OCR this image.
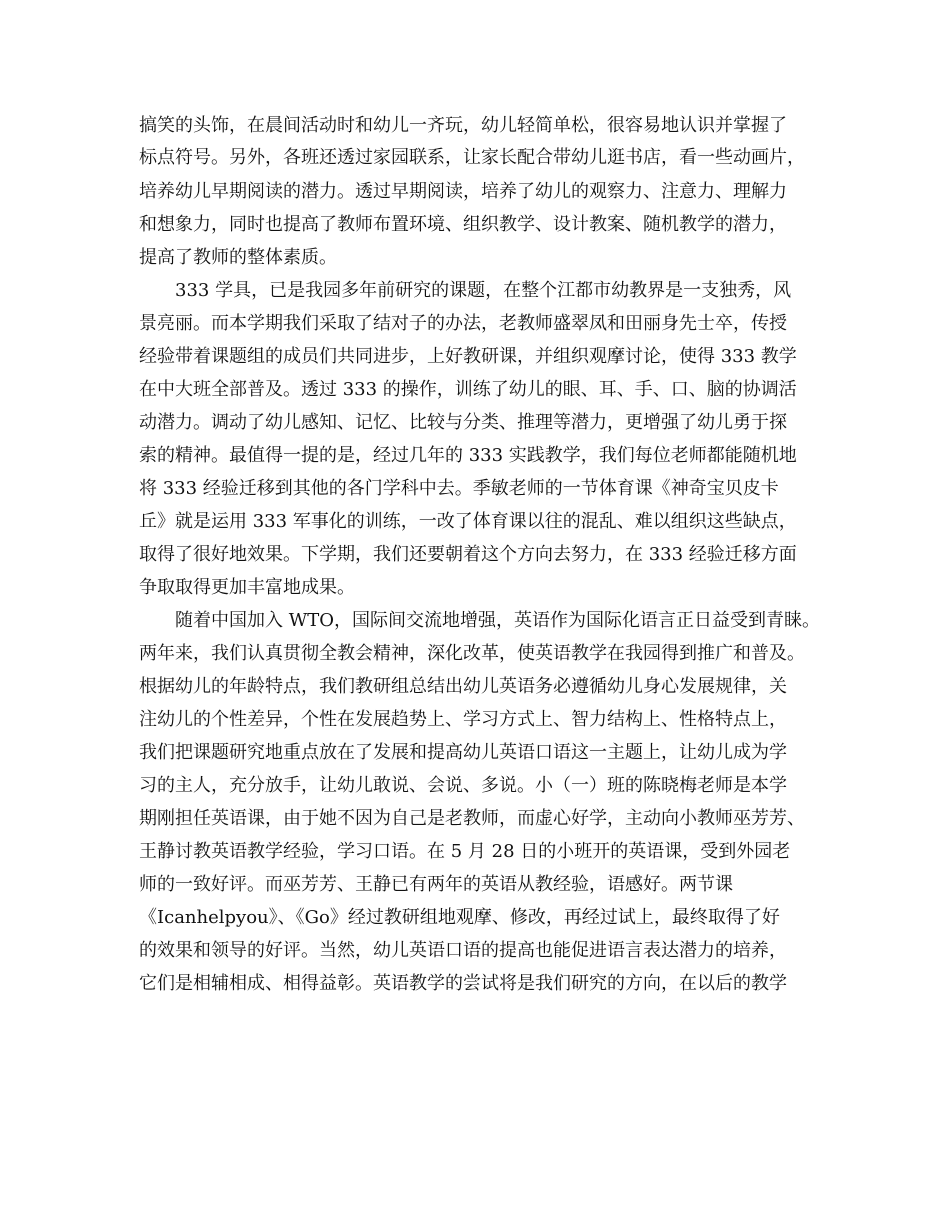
搞笑的头饰，在晨间活动时和幼儿一齐玩，幼儿轻简单松，很容易地认识并掌握了
标点符号。另外，各班还透过家园联系，让家长配合带幼儿逛书店，看一些动画片，
培养幼儿早期阅读的潜力。透过早期阅读，培养了幼儿的观察力、注意力、理解力
和想象力，同时也提高了教师布置环境、组织教学、设计教案、随机教学的潜力，
提高了教师的整体素质。
333 学具，已是我园多年前研究的课题，在整个江都市幼教界是一支独秀，风
景亮丽。而本学期我们采取了结对子的办法，老教师盛翠凤和田丽身先士卒，传授
经验带着课题组的成员们共同进步，上好教研课，并组织观摩讨论，使得 333 教学
在中大班全部普及。透过 333 的操作，训练了幼儿的眼、耳、手、口、脑的协调活
动潜力。调动了幼儿感知、记忆、比较与分类、推理等潜力，更增强了幼儿勇于探
索的精神。最值得一提的是，经过几年的 333 实践教学，我们每位老师都能随机地
将 333 经验迁移到其他的各门学科中去。季敏老师的一节体育课《神奇宝贝皮卡
丘》就是运用 333 军事化的训练，一改了体育课以往的混乱、难以组织这些缺点，
取得了很好地效果。下学期，我们还要朝着这个方向去努力，在 333 经验迁移方面
争取取得更加丰富地成果。
随着中国加入 WTO，国际间交流地增强，英语作为国际化语言正日益受到青睐。
两年来，我们认真贯彻全教会精神，深化改革，使英语教学在我园得到推广和普及。
根据幼儿的年龄特点，我们教研组总结出幼儿英语务必遵循幼儿身心发展规律，关
注幼儿的个性差异，个性在发展趋势上、学习方式上、智力结构上、性格特点上，
我们把课题研究地重点放在了发展和提高幼儿英语口语这一主题上，让幼儿成为学
习的主人，充分放手，让幼儿敢说、会说、多说。小（一）班的陈晓梅老师是本学
期刚担任英语课，由于她不因为自己是老教师，而虚心好学，主动向小教师巫芳芳、
王静讨教英语教学经验，学习口语。在 5 月 28 日的小班开的英语课，受到外园老
师的一致好评。而巫芳芳、王静已有两年的英语从教经验，语感好。两节课
《Icanhelpyou》、《Go》经过教研组地观摩、修改，再经过试上，最终取得了好
的效果和领导的好评。当然，幼儿英语口语的提高也能促进语言表达潜力的培养，
它们是相辅相成、相得益彰。英语教学的尝试将是我们研究的方向，在以后的教学
